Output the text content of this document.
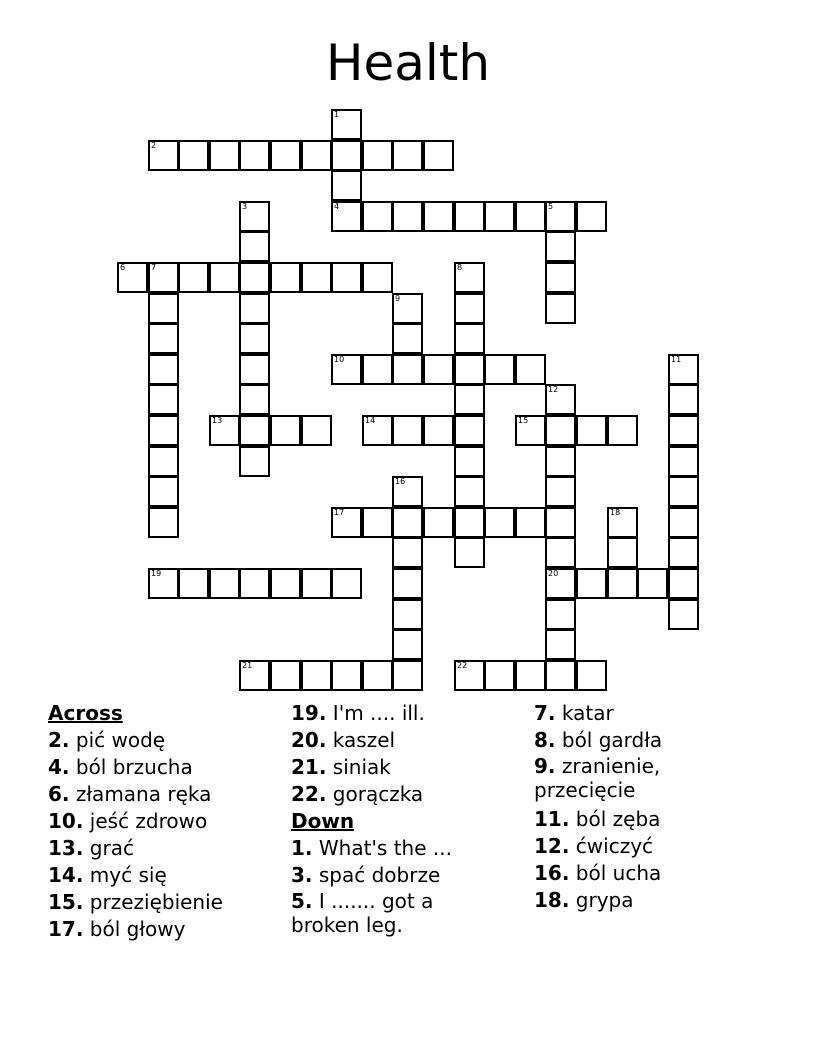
Health
1
4
2
3	5
6	7	8
9
10	11
12
20
13	14	15
16
17	18
19
21	22
Across
2. pić wodę
4. ból brzucha
6. złamana ręka
10. jeść zdrowo
13. grać
14. myć się
15. przeziębienie
17. ból głowy
19. I'm .... ill.
20. kaszel
21. siniak
22. gorączka
Down
1. What's the ...
3. spać dobrze
5. I ....... got a broken leg.
7. katar
8. ból gardła
9. zranienie, przecięcie
11. ból zęba
12. ćwiczyć
16. ból ucha
18. grypa
